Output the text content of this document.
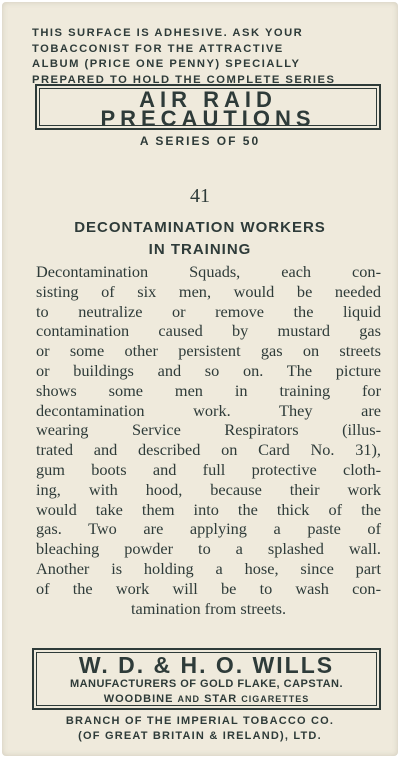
THIS SURFACE IS ADHESIVE. ASK YOUR
TOBACCONIST FOR THE ATTRACTIVE
ALBUM (PRICE ONE PENNY) SPECIALLY
PREPARED TO HOLD THE COMPLETE SERIES
AIR RAID
PRECAUTIONS
A SERIES OF 50
41
DECONTAMINATION WORKERS
IN TRAINING
Decontamination Squads, each con-
sisting of six men, would be needed
to neutralize or remove the liquid
contamination caused by mustard gas
or some other persistent gas on streets
or buildings and so on. The picture
shows some men in training for
decontamination work. They are
wearing Service Respirators (illus-
trated and described on Card No. 31),
gum boots and full protective cloth-
ing, with hood, because their work
would take them into the thick of the
gas. Two are applying a paste of
bleaching powder to a splashed wall.
Another is holding a hose, since part
of the work will be to wash con-
tamination from streets.
W. D. & H. O. WILLS
MANUFACTURERS OF GOLD FLAKE, CAPSTAN.
WOODBINE AND STAR CIGARETTES
BRANCH OF THE IMPERIAL TOBACCO CO.
(OF GREAT BRITAIN & IRELAND), LTD.
